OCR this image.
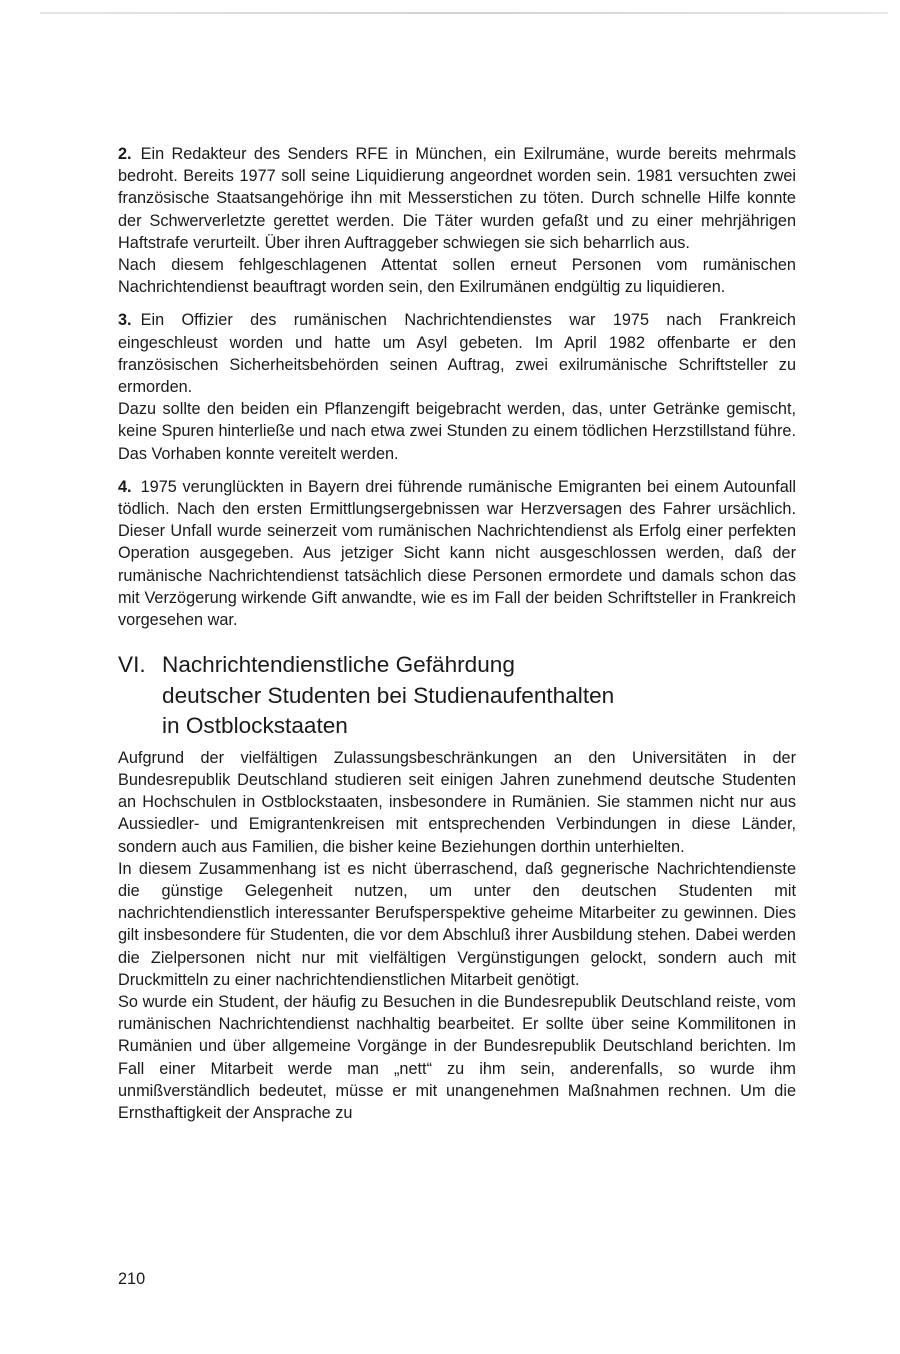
2. Ein Redakteur des Senders RFE in München, ein Exilrumäne, wurde bereits mehrmals bedroht. Bereits 1977 soll seine Liquidierung angeordnet worden sein. 1981 versuchten zwei französische Staatsangehörige ihn mit Messerstichen zu töten. Durch schnelle Hilfe konnte der Schwerverletzte gerettet werden. Die Täter wurden gefaßt und zu einer mehrjährigen Haftstrafe verurteilt. Über ihren Auftraggeber schwiegen sie sich beharrlich aus.

Nach diesem fehlgeschlagenen Attentat sollen erneut Personen vom rumänischen Nachrichtendienst beauftragt worden sein, den Exilrumänen endgültig zu liquidieren.

3. Ein Offizier des rumänischen Nachrichtendienstes war 1975 nach Frankreich eingeschleust worden und hatte um Asyl gebeten. Im April 1982 offenbarte er den französischen Sicherheitsbehörden seinen Auftrag, zwei exilrumänische Schriftsteller zu ermorden.

Dazu sollte den beiden ein Pflanzengift beigebracht werden, das, unter Getränke gemischt, keine Spuren hinterließe und nach etwa zwei Stunden zu einem tödlichen Herzstillstand führe. Das Vorhaben konnte vereitelt werden.

4. 1975 verunglückten in Bayern drei führende rumänische Emigranten bei einem Autounfall tödlich. Nach den ersten Ermittlungsergebnissen war Herzversagen des Fahrer ursächlich. Dieser Unfall wurde seinerzeit vom rumänischen Nachrichtendienst als Erfolg einer perfekten Operation ausgegeben. Aus jetziger Sicht kann nicht ausgeschlossen werden, daß der rumänische Nachrichtendienst tatsächlich diese Personen ermordete und damals schon das mit Verzögerung wirkende Gift anwandte, wie es im Fall der beiden Schriftsteller in Frankreich vorgesehen war.

VI. Nachrichtendienstliche Gefährdung
deutscher Studenten bei Studienaufenthalten
in Ostblockstaaten

Aufgrund der vielfältigen Zulassungsbeschränkungen an den Universitäten in der Bundesrepublik Deutschland studieren seit einigen Jahren zunehmend deutsche Studenten an Hochschulen in Ostblockstaaten, insbesondere in Rumänien. Sie stammen nicht nur aus Aussiedler- und Emigrantenkreisen mit entsprechenden Verbindungen in diese Länder, sondern auch aus Familien, die bisher keine Beziehungen dorthin unterhielten.

In diesem Zusammenhang ist es nicht überraschend, daß gegnerische Nachrichtendienste die günstige Gelegenheit nutzen, um unter den deutschen Studenten mit nachrichtendienstlich interessanter Berufsperspektive geheime Mitarbeiter zu gewinnen. Dies gilt insbesondere für Studenten, die vor dem Abschluß ihrer Ausbildung stehen. Dabei werden die Zielpersonen nicht nur mit vielfältigen Vergünstigungen gelockt, sondern auch mit Druckmitteln zu einer nachrichtendienstlichen Mitarbeit genötigt.

So wurde ein Student, der häufig zu Besuchen in die Bundesrepublik Deutschland reiste, vom rumänischen Nachrichtendienst nachhaltig bearbeitet. Er sollte über seine Kommilitonen in Rumänien und über allgemeine Vorgänge in der Bundesrepublik Deutschland berichten. Im Fall einer Mitarbeit werde man „nett“ zu ihm sein, anderenfalls, so wurde ihm unmißverständlich bedeutet, müsse er mit unangenehmen Maßnahmen rechnen. Um die Ernsthaftigkeit der Ansprache zu

210
